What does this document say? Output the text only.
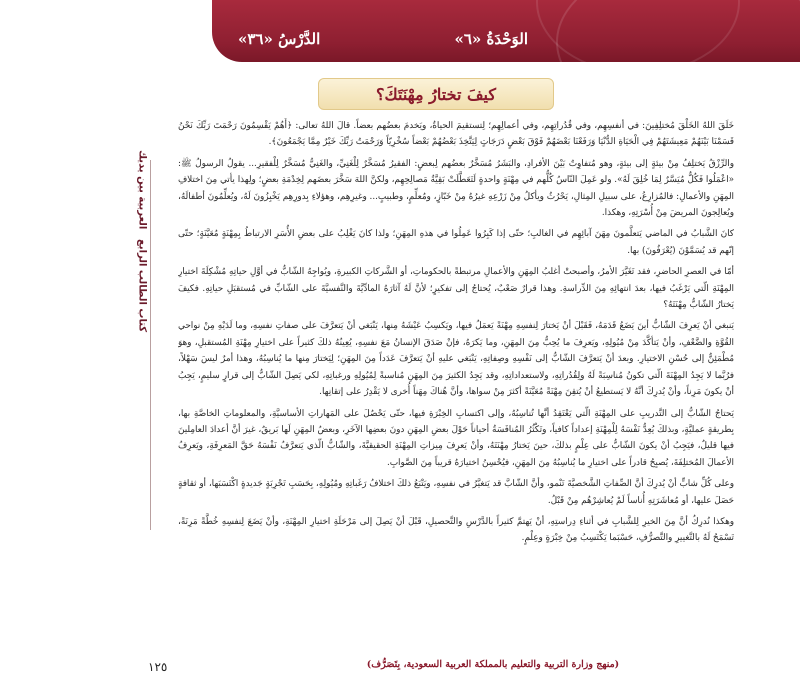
الوَحْدَةُ «٦»
الدَّرْسُ «٣٦»
العربية بين يديك
كتاب الطالب الرابع
كيفَ تختارُ مِهْنَتَكَ؟

خَلَقَ اللهُ الخَلْقَ مُختلِفِينَ: في أنفسِهِم، وفي قُدُراتِهِم، وفي أعمالِهِم؛ لِتستقيمَ الحياةُ، ويَخدمَ بعضُهم بعضاً. قالَ اللهُ تعالى: ﴿أَهُمْ يَقْسِمُونَ رَحْمَتَ رَبِّكَ نَحْنُ قَسَمْنَا بَيْنَهُمْ مَعِيشَتَهُمْ فِي الْحَيَاةِ الدُّنْيَا وَرَفَعْنَا بَعْضَهُمْ فَوْقَ بَعْضٍ دَرَجَاتٍ لِيَتَّخِذَ بَعْضُهُمْ بَعْضاً سُخْرِيّاً وَرَحْمَتُ رَبِّكَ خَيْرٌ مِمَّا يَجْمَعُونَ﴾.

والرِّزْقُ يَختلِفُ مِنْ بيئةٍ إلى بيئةٍ، وهو مُتفاوِتٌ بَيْنَ الأفرادِ، والبَشَرُ مُسَخَّرٌ بعضُهم لِبعضٍ: الفقيرُ مُسَخَّرٌ لِلْغَنِيِّ، والغَنِيُّ مُسَخَّرٌ لِلْفقيرِ... يقولُ الرسولُ ﷺ: «اعْمَلُوا فَكُلٌّ مُيَسَّرٌ لِمَا خُلِقَ لَهُ». ولو عَمِلَ النّاسُ كُلُّهم في مِهْنَةٍ واحدةٍ لَتَعَطَّلَتْ بَقِيَّةُ مَصالِحِهِم، ولكنَّ اللهَ سَخَّرَ بعضَهم لِخِدْمَةِ بعضٍ؛ ولِهذا يأتي مِنَ اختلافِ المِهَنِ والأعمالِ: فالمُزارِعُ، على سبيلِ المِثالِ، يَحْرُثُ ويأكلُ مِنْ زَرْعِهِ غيرُهُ مِنْ خَبّازٍ، ومُعلِّمٍ، وطبيبٍ... وغيرِهِم، وهؤلاءِ بِدورِهِم يَخْبِزُونَ لَهُ، ويُعلِّمُونَ أطفالَهُ، ويُعالِجونَ المريضَ مِنْ أُسْرَتِهِ، وهكذا.

كانَ الشَّبابُ في الماضي يَتعلَّمونَ مِهَنَ آبائِهِم في الغالبِ؛ حتّى إذا كَبِرُوا عَمِلُوا في هذهِ المِهَنِ؛ ولذا كانَ يَغْلِبُ على بعضِ الأُسَرِ الارتباطُ بِمِهْنَةٍ مُعَيَّنَةٍ؛ حتّى إنّهم قد يُسَمَّوْنَ (يُعْرَفُونَ) بها.

أمّا في العصرِ الحاضرِ، فقد تَغَيَّرَ الأمرُ، وأصبحتْ أغلبُ المِهَنِ والأعمالِ مرتبطةً بالحكوماتِ، أو الشَّركاتِ الكبيرةِ، ويُواجِهُ الشّابُّ في أوَّلِ حياتِهِ مُشْكِلَةَ اختيارِ المِهْنَةِ الّتي يَرْغَبُ فيها، بعدَ انتهائِهِ مِنَ الدِّراسةِ. وهذا قرارٌ صَعْبٌ، يُحتاجُ إلى تفكيرٍ؛ لأنَّ لَهُ آثارَهُ المادِّيَّةَ والنَّفسيَّةَ على الشّابِّ في مُستقبَلِ حياتِهِ. فكيفَ يَختارُ الشّابُّ مِهْنَتَهُ؟

يَنبغي أنْ يَعرِفَ الشّابُّ أينَ يَضَعُ قَدَمَهُ، فَقَبْلَ أنْ يَختارَ لِنفسِهِ مِهْنَةً يَعمَلُ فيها، ويَكسِبُ عَيْشَهُ مِنها، يَنْبَغي أنْ يَتعرَّفَ على صفاتِ نفسِهِ، وما لَدَيْهِ مِنْ نواحي القُوَّةِ والضَّعْفِ، وأنْ يَتأكَّدَ مِنْ مُيُولِهِ، ويَعرِفَ ما يُحِبُّ مِنَ المِهَنِ، وما يَكرَهُ، فإنْ صَدَقَ الإنسانُ مَعَ نفسِهِ، يُعِينُهُ ذلكَ كثيراً على اختيارِ مِهْنَةِ المُستقبلِ، وهوَ مُطْمَئِنٌّ إلى حُسْنِ الاختيارِ. وبعدَ أنْ يَتعرَّفَ الشّابُّ إلى نَفْسِهِ وصِفاتِهِ، يَنْبَغي عليهِ أنْ يَتعرَّفَ عَدَداً مِنَ المِهَنِ؛ لِيَختارَ مِنها ما يُناسِبُهُ، وهذا أمرٌ ليسَ سَهْلاً، فرُبَّما لا يَجِدُ المِهْنَةَ الّتي تكونُ مُناسِبَةً لَهُ ولِقُدُراتِهِ، ولاستعداداتِهِ، وقد يَجِدُ الكثيرَ مِنَ المِهَنِ مُناسبةً لِمُيُولِهِ ورغباتِهِ، لكي يَصِلَ الشّابُّ إلى قرارٍ سليمٍ، يَجِبُ أنْ يكونَ مَرِناً، وأنْ يُدرِكَ أنَّهُ لا يَستطيعُ أنْ يُتقِنَ مِهْنَةً مُعَيَّنَةً أكثرَ مِنْ سواها، وأنَّ هُناكَ مِهَناً أُخرى لا يَقْدِرُ على إتقانِها.

يَحتاجُ الشّابُّ إلى التَّدريبِ على المِهْنَةِ الّتي يَعْتَقِدُ أنَّها تُناسِبُهُ، وإلى اكتسابِ الخِبْرَةِ فيها، حتّى يَحْصُلَ على المَهاراتِ الأساسيَّةِ، والمعلوماتِ الخاصَّةِ بها، بِطريقةٍ عمليَّةٍ، وبذلكَ يُعِدُّ نَفْسَهُ لِلْمِهْنَةِ إعداداً كافياً، وتَكْثُرُ المُنافَسَةُ أحياناً حَوْلَ بعضِ المِهَنِ دونَ بعضِها الآخَرِ، وبعضُ المِهَنِ لَها بَريقٌ، غيرَ أنَّ أعدادَ العامِلينَ فيها قليلٌ، فيَجِبُ أنْ يكونَ الشّابُّ على عِلْمٍ بذلكَ، حينَ يَختارُ مِهْنَتَهُ، وأنْ يَعرِفَ مِيزاتِ المِهْنَةِ الحقيقيَّةَ، والشّابُّ الّذي يَتعرَّفُ نَفْسَهُ حَقَّ المَعرِفَةِ، ويَعرِفُ الأعمالَ المُختلِفَةَ، يُصبِحُ قادراً على اختيارِ ما يُناسِبُهُ مِنَ المِهَنِ، فيُحْسِنُ اختيارَهُ قريباً مِنَ الصَّوابِ.

وعلى كُلِّ شابٍّ أنْ يُدرِكَ أنَّ الصِّفاتِ الشَّخصيَّةَ تَنْمو، وأنَّ الشّابَّ قد يَتغيَّرُ في نفسِهِ، ويَتْبَعُ ذلكَ اختلافُ رَغَباتِهِ ومُيُولِهِ، بِحَسَبِ تَجْرِبَةٍ جَديدةٍ اكْتَسَبَها، أو ثقافةٍ حَصَلَ عليها، أو مُعاشَرَتِهِ أُناساً لَمْ يُعاشِرْهُم مِنْ قَبْلُ.

وهكذا نُدرِكُ أنَّ مِنَ الخيرِ لِلشَّبابِ في أثناءِ دِراستِهِ، أنْ يَهتمَّ كثيراً بالدَّرْسِ والتَّحصيلِ، قَبْلَ أنْ يَصِلَ إلى مَرْحَلَةِ اختيارِ المِهْنَةِ، وأنْ يَضَعَ لِنفسِهِ خُطَّةً مَرِنَةً، تَسْمَحُ لَهُ بالتَّغييرِ والتَّصرُّفِ، حَسْبَما يَكْتَسِبُ مِنْ خِبْرَةٍ وعِلْمٍ.

١٢٥	(منهج وزارة التربية والتعليم بالمملكة العربية السعودية، بِتَصَرُّف)
